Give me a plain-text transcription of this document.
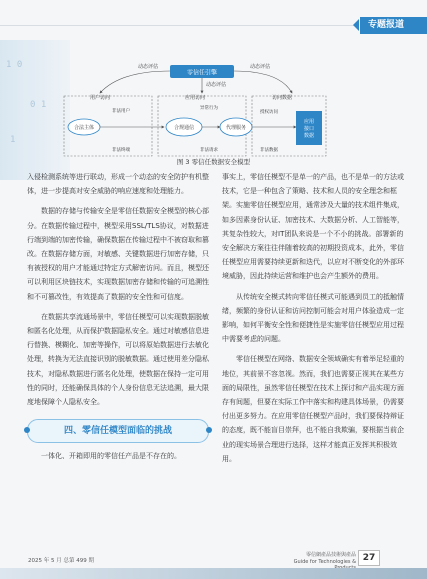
1 0
0 1
1
专题报道
零信任引擎
动态评估	动态评估
动态评估
用户访问	应用访问	访问数据
合法主体
非法用户
非法终端
合规通信
异常行为
非法请求
代理服务
授权访问
非法数据
应用
接口
数据
图 3 零信任数据安全模型

入侵检测系统等进行联动，形成一个动态的安全防护有机整体，进一步提高对安全威胁的响应速度和处理能力。

数据的存储与传输安全是零信任数据安全模型的核心部分。在数据传输过程中，模型采用SSL/TLS协议，对数据进行端到端的加密传输，确保数据在传输过程中不被窃取和篡改。在数据存储方面，对敏感、关键数据进行加密存储，只有被授权的用户才能通过特定方式解密访问。而且，模型还可以利用区块链技术，实现数据加密存储和传输的可追溯性和不可篡改性，有效提高了数据的安全性和可信度。

在数据共享流通场景中，零信任模型可以实现数据脱敏和匿名化处理，从而保护数据隐私安全。通过对敏感信息进行替换、模糊化、加密等操作，可以将原始数据进行去敏化处理，转换为无法直接识别的脱敏数据。通过使用差分隐私技术，对隐私数据进行匿名化处理，使数据在保持一定可用性的同时，还能确保具体的个人身份信息无法追溯，最大限度地保障个人隐私安全。

四、零信任模型面临的挑战

一体化、开箱即用的零信任产品是不存在的。

事实上，零信任模型不是单一的产品，也不是单一的方法或技术，它是一种包含了策略、技术和人员的安全理念和框架。实施零信任模型应用，通常涉及大量的技术组件集成，如多因素身份认证、加密技术、大数据分析、人工智能等，其复杂性较大，对IT团队来说是一个不小的挑战。部署新的安全解决方案往往伴随着较高的初期投资成本，此外，零信任模型应用需要持续更新和迭代，以应对不断变化的外部环境威胁，因此持续运营和维护也会产生额外的费用。

从传统安全模式转向零信任模式可能遇到员工的抵触情绪，频繁的身份认证和访问控制可能会对用户体验造成一定影响，如何平衡安全性和便捷性是实施零信任模型应用过程中需要考虑的问题。

零信任模型在网络、数据安全领域确实有着举足轻重的地位，其前景不容忽视。然而，我们也需要正视其在某些方面的局限性，虽然零信任模型在技术上探讨和产品实现方面存有间题，但要在实际工作中落实和构建具体场景，仍需要付出更多努力。在应用零信任模型产品时，我们要保持辩证的态度，既不能盲目崇拜，也不能自我欺骗，要根据当前企业的现实场景合理进行选择，这样才能真正发挥其积极效用。

2025 年 5 月 总第 499 期
零信網產品技術與產品
Guide for Technologies & 27
